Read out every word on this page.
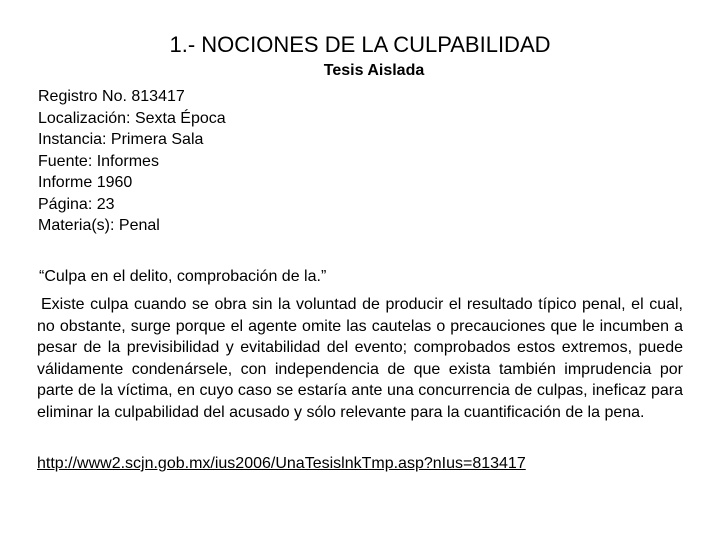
1.- NOCIONES DE LA CULPABILIDAD
Tesis Aislada
Registro No. 813417
Localización: Sexta Época
Instancia: Primera Sala
Fuente: Informes
Informe 1960
Página: 23
Materia(s): Penal
“Culpa en el delito, comprobación de la.”
Existe culpa cuando se obra sin la voluntad de producir el resultado típico penal, el cual, no obstante, surge porque el agente omite las cautelas o precauciones que le incumben a pesar de la previsibilidad y evitabilidad del evento; comprobados estos extremos, puede válidamente condenársele, con independencia de que exista también imprudencia por parte de la víctima, en cuyo caso se estaría ante una concurrencia de culpas, ineficaz para eliminar la culpabilidad del acusado y sólo relevante para la cuantificación de la pena.
http://www2.scjn.gob.mx/ius2006/UnaTesislnkTmp.asp?nIus=813417
